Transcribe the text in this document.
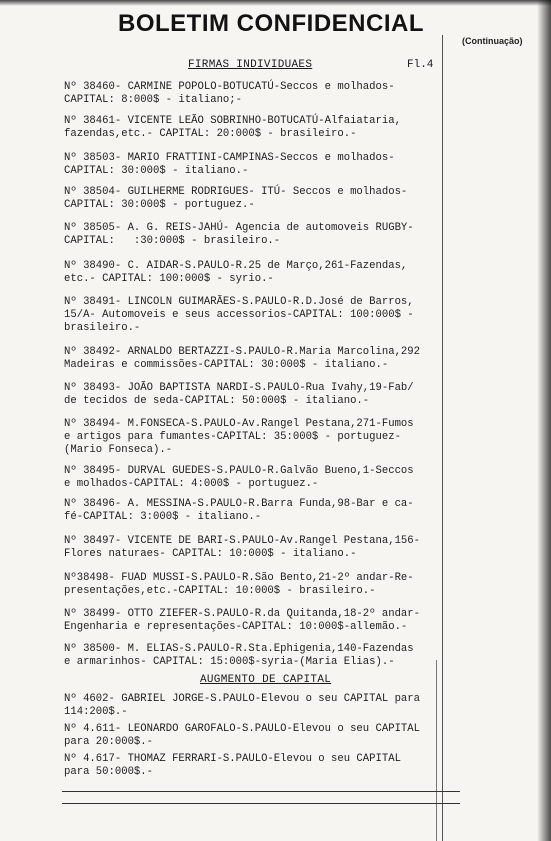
BOLETIM CONFIDENCIAL
(Continuação)
FIRMAS INDIVIDUAES	Fl.4
Nº 38460- CARMINE POPOLO-BOTUCATÚ-Seccos e molhados-
CAPITAL: 8:000$ - italiano;-
Nº 38461- VICENTE LEÃO SOBRINHO-BOTUCATÚ-Alfaiataria,
fazendas,etc.- CAPITAL: 20:000$ - brasileiro.-
Nº 38503- MARIO FRATTINI-CAMPINAS-Seccos e molhados-
CAPITAL: 30:000$ - italiano.-
Nº 38504- GUILHERME RODRIGUES- ITÚ- Seccos e molhados-
CAPITAL: 30:000$ - portuguez.-
Nº 38505- A. G. REIS-JAHÚ- Agencia de automoveis RUGBY-
CAPITAL:   :30:000$ - brasileiro.-
Nº 38490- C. AIDAR-S.PAULO-R.25 de Março,261-Fazendas,
etc.- CAPITAL: 100:000$ - syrio.-
Nº 38491- LINCOLN GUIMARÃES-S.PAULO-R.D.José de Barros,
15/A- Automoveis e seus accessorios-CAPITAL: 100:000$ -
brasileiro.-
Nº 38492- ARNALDO BERTAZZI-S.PAULO-R.Maria Marcolina,292
Madeiras e commissões-CAPITAL: 30:000$ - italiano.-
Nº 38493- JOÃO BAPTISTA NARDI-S.PAULO-Rua Ivahy,19-Fab/
de tecidos de seda-CAPITAL: 50:000$ - italiano.-
Nº 38494- M.FONSECA-S.PAULO-Av.Rangel Pestana,271-Fumos
e artigos para fumantes-CAPITAL: 35:000$ - portuguez-
(Mario Fonseca).-
Nº 38495- DURVAL GUEDES-S.PAULO-R.Galvão Bueno,1-Seccos
e molhados-CAPITAL: 4:000$ - portuguez.-
Nº 38496- A. MESSINA-S.PAULO-R.Barra Funda,98-Bar e ca-
fé-CAPITAL: 3:000$ - italiano.-
Nº 38497- VICENTE DE BARI-S.PAULO-Av.Rangel Pestana,156-
Flores naturaes- CAPITAL: 10:000$ - italiano.-
Nº38498- FUAD MUSSI-S.PAULO-R.São Bento,21-2º andar-Re-
presentações,etc.-CAPITAL: 10:000$ - brasileiro.-
Nº 38499- OTTO ZIEFER-S.PAULO-R.da Quitanda,18-2º andar-
Engenharia e representações-CAPITAL: 10:000$-allemão.-
Nº 38500- M. ELIAS-S.PAULO-R.Sta.Ephigenia,140-Fazendas
e armarinhos- CAPITAL: 15:000$-syria-(Maria Elias).-
AUGMENTO DE CAPITAL
Nº 4602- GABRIEL JORGE-S.PAULO-Elevou o seu CAPITAL para
114:200$.-
Nº 4.611- LEONARDO GAROFALO-S.PAULO-Elevou o seu CAPITAL
para 20:000$.-
Nº 4.617- THOMAZ FERRARI-S.PAULO-Elevou o seu CAPITAL
para 50:000$.-
